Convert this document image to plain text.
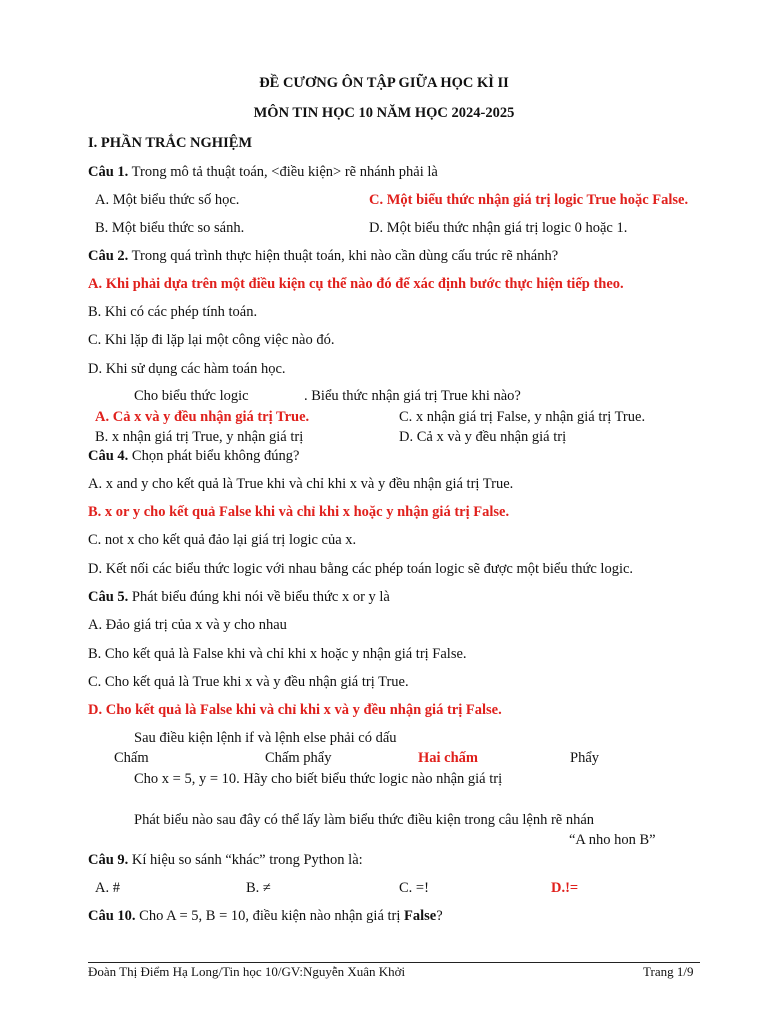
ĐỀ CƯƠNG ÔN TẬP GIỮA HỌC KÌ II
MÔN TIN HỌC 10 NĂM HỌC 2024-2025
I. PHẦN TRẮC NGHIỆM
Câu 1. Trong mô tả thuật toán, <điều kiện> rẽ nhánh phải là
A. Một biểu thức số học.	C. Một biểu thức nhận giá trị logic True hoặc False.
B. Một biểu thức so sánh.	D. Một biểu thức nhận giá trị logic 0 hoặc 1.
Câu 2. Trong quá trình thực hiện thuật toán, khi nào cần dùng cấu trúc rẽ nhánh?
A. Khi phải dựa trên một điều kiện cụ thể nào đó để xác định bước thực hiện tiếp theo.
B. Khi có các phép tính toán.
C. Khi lặp đi lặp lại một công việc nào đó.
D. Khi sử dụng các hàm toán học.
Cho biểu thức logic	. Biểu thức nhận giá trị True khi nào?
A. Cả x và y đều nhận giá trị True.	C. x nhận giá trị False, y nhận giá trị True.
B. x nhận giá trị True, y nhận giá trị	D. Cả x và y đều nhận giá trị
Câu 4. Chọn phát biểu không đúng?
A. x and y cho kết quả là True khi và chỉ khi x và y đều nhận giá trị True.
B. x or y cho kết quả False khi và chỉ khi x hoặc y nhận giá trị False.
C. not x cho kết quả đảo lại giá trị logic của x.
D. Kết nối các biểu thức logic với nhau bằng các phép toán logic sẽ được một biểu thức logic.
Câu 5. Phát biểu đúng khi nói về biểu thức x or y là
A. Đảo giá trị của x và y cho nhau
B. Cho kết quả là False khi và chỉ khi x hoặc y nhận giá trị False.
C. Cho kết quả là True khi x và y đều nhận giá trị True.
D. Cho kết quả là False khi và chỉ khi x và y đều nhận giá trị False.
Sau điều kiện lệnh if và lệnh else phải có dấu
Chấm	Chấm phẩy	Hai chấm	Phẩy
Cho x = 5, y = 10. Hãy cho biết biểu thức logic nào nhận giá trị
Phát biểu nào sau đây có thể lấy làm biểu thức điều kiện trong câu lệnh rẽ nhán
“A nho hon B”
Câu 9. Kí hiệu so sánh “khác” trong Python là:
A. #	B. ≠	C. =!	D.!=
Câu 10. Cho A = 5, B = 10, điều kiện nào nhận giá trị False?
Đoàn Thị Điểm Hạ Long/Tin học 10/GV:Nguyễn Xuân Khởi	Trang 1/9
